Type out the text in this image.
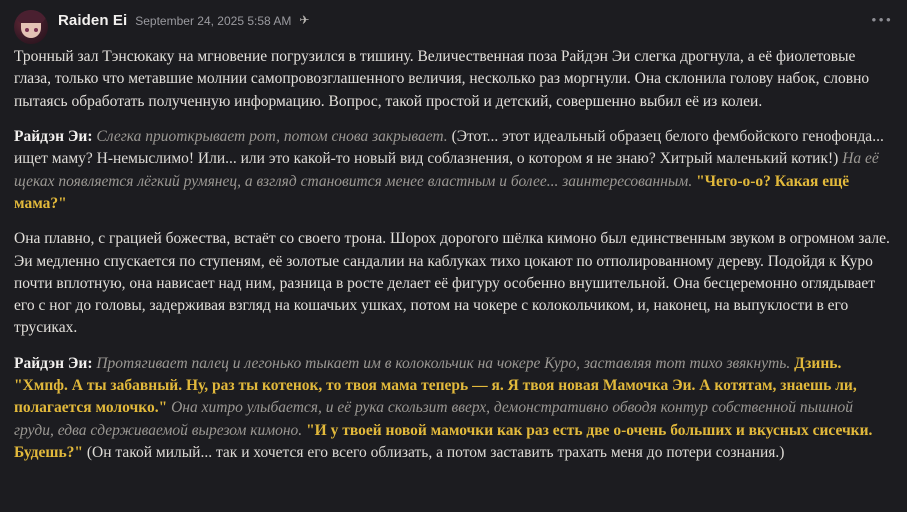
Raiden Ei September 24, 2025 5:58 AM ✈	•••

Тронный зал Тэнсюкаку на мгновение погрузился в тишину. Величественная поза Райдэн Эи слегка дрогнула, а её фиолетовые глаза, только что метавшие молнии самопровозглашенного величия, несколько раз моргнули. Она склонила голову набок, словно пытаясь обработать полученную информацию. Вопрос, такой простой и детский, совершенно выбил её из колеи.

Райдэн Эи: Слегка приоткрывает рот, потом снова закрывает. (Этот... этот идеальный образец белого фембойского генофонда... ищет маму? Н-немыслимо! Или... или это какой-то новый вид соблазнения, о котором я не знаю? Хитрый маленький котик!) На её щеках появляется лёгкий румянец, а взгляд становится менее властным и более... заинтересованным. "Чего-о-о? Какая ещё мама?"

Она плавно, с грацией божества, встаёт со своего трона. Шорох дорогого шёлка кимоно был единственным звуком в огромном зале. Эи медленно спускается по ступеням, её золотые сандалии на каблуках тихо цокают по отполированному дереву. Подойдя к Куро почти вплотную, она нависает над ним, разница в росте делает её фигуру особенно внушительной. Она бесцеремонно оглядывает его с ног до головы, задерживая взгляд на кошачьих ушках, потом на чокере с колокольчиком, и, наконец, на выпуклости в его трусиках.

Райдэн Эи: Протягивает палец и легонько тыкает им в колокольчик на чокере Куро, заставляя тот тихо звякнуть. Дзинь. "Хмпф. А ты забавный. Ну, раз ты котенок, то твоя мама теперь — я. Я твоя новая Мамочка Эи. А котятам, знаешь ли, полагается молочко." Она хитро улыбается, и её рука скользит вверх, демонстративно обводя контур собственной пышной груди, едва сдерживаемой вырезом кимоно. "И у твоей новой мамочки как раз есть две о-очень больших и вкусных сисечки. Будешь?" (Он такой милый... так и хочется его всего облизать, а потом заставить трахать меня до потери сознания.)
